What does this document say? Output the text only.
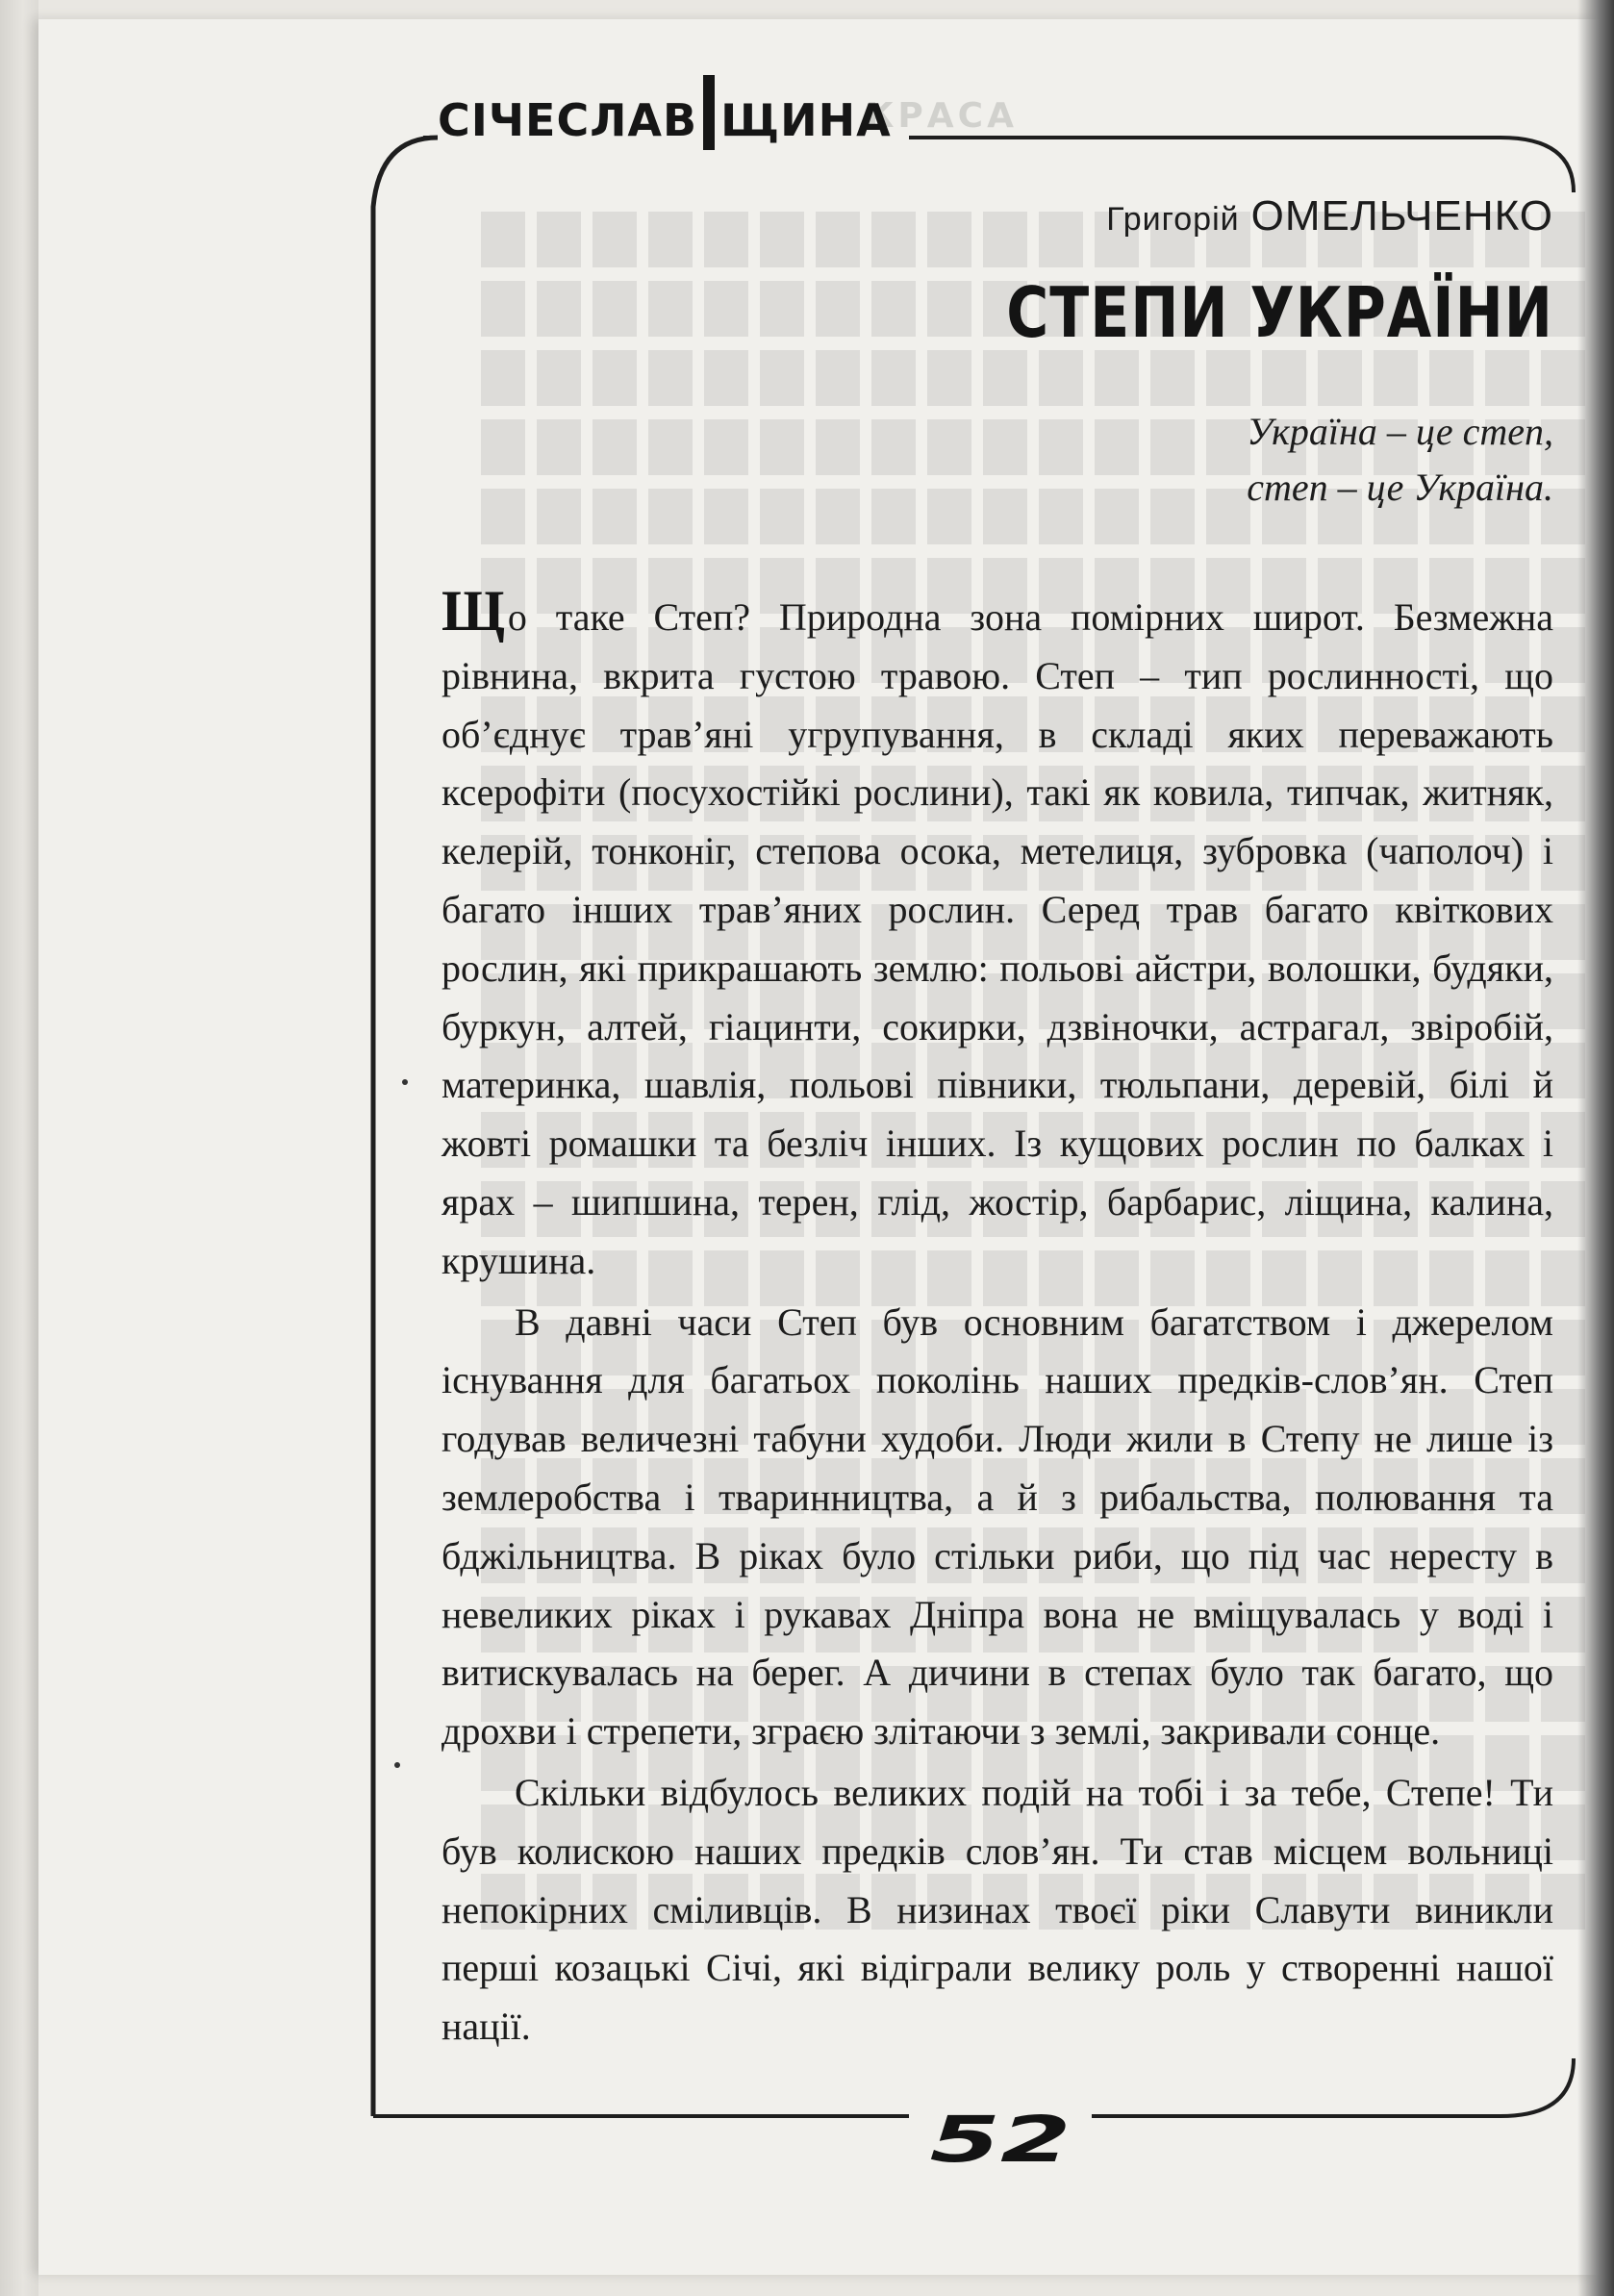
КРАСА
СІЧЕСЛАВ ЩИНА
Григорій ОМЕЛЬЧЕНКО
СТЕПИ УКРАЇНИ
Україна – це степ,
степ – це Україна.

Що таке Степ? Природна зона помірних широт. Безмежна рівнина, вкрита густою травою. Степ – тип рослинності, що об’єднує трав’яні угрупування, в складі яких переважають ксерофіти (посухостійкі рослини), такі як ковила, типчак, житняк, келерій, тонконіг, степова осока, метелиця, зубровка (чаполоч) і багато інших трав’яних рослин. Серед трав багато квіткових рослин, які прикрашають землю: польові айстри, волошки, будяки, буркун, алтей, гіацинти, сокирки, дзвіночки, астрагал, звіробій, материнка, шавлія, польові півники, тюльпани, деревій, білі й жовті ромашки та безліч інших. Із кущових рослин по балках і ярах – шипшина, терен, глід, жостір, барбарис, ліщина, калина, крушина.

В давні часи Степ був основним багатством і джерелом існування для багатьох поколінь наших предків-слов’ян. Степ годував величезні табуни худоби. Люди жили в Степу не лише із землеробства і тваринництва, а й з рибальства, полювання та бджільництва. В ріках було стільки риби, що під час нересту в невеликих ріках і рукавах Дніпра вона не вміщувалась у воді і витискувалась на берег. А дичини в степах було так багато, що дрохви і стрепети, зграєю злітаючи з землі, закривали сонце.

Скільки відбулось великих подій на тобі і за тебе, Степе! Ти був колискою наших предків слов’ян. Ти став місцем вольниці непокірних сміливців. В низинах твоєї ріки Славути виникли перші козацькі Січі, які відіграли велику роль у створенні нашої нації.

52
